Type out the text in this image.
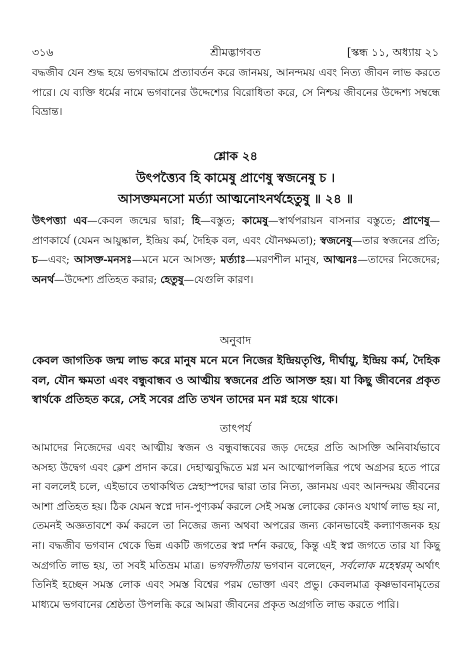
৩১৬	শ্রীমদ্ভাগবত	[স্কন্ধ ১১, অধ্যায় ২১
বদ্ধজীব যেন শুদ্ধ হয়ে ভগবদ্ধামে প্রত্যাবর্তন করে জানময়, আনন্দময় এবং নিত্য জীবন লাভ করতে পারে। যে ব্যক্তি ধর্মের নামে ভগবানের উদ্দেশ্যের বিরোধিতা করে, সে নিশ্চয় জীবনের উদ্দেশ্য সম্বন্ধে বিভ্রান্ত।
শ্লোক ২৪
উৎপত্ত্যৈব হি কামেষু প্রাণেষু স্বজনেষু চ ।
আসক্তমনসো মর্ত্যা আত্মনোঽনর্থহেতুষু ॥ ২৪ ॥
উৎপত্ত্যা এব—কেবল জন্মের দ্বারা; হি—বস্তুত; কামেষু—স্বার্থপরায়ন বাসনার বস্তুতে; প্রাণেষু—প্রাণকার্যে (যেমন আয়ুষ্কাল, ইন্দ্রিয় কর্ম, দৈহিক বল, এবং যৌনক্ষমতা); স্বজনেষু—তার স্বজনের প্রতি; চ—এবং; আসক্ত-মনসঃ—মনে মনে আসক্ত; মর্ত্যাঃ—মরণশীল মানুষ, আত্মনঃ—তাদের নিজেদের; অনর্থ—উদ্দেশ্য প্রতিহত করার; হেতুষু—যেগুলি কারণ।
অনুবাদ
কেবল জাগতিক জন্ম লাভ করে মানুষ মনে মনে নিজের ইন্দ্রিয়তৃপ্তি, দীর্ঘায়ু, ইন্দ্রিয় কর্ম, দৈহিক বল, যৌন ক্ষমতা এবং বন্ধুবান্ধব ও আত্মীয় স্বজনের প্রতি আসক্ত হয়। যা কিছু জীবনের প্রকৃত স্বার্থকে প্রতিহত করে, সেই সবের প্রতি তখন তাদের মন মগ্ন হয়ে থাকে।
তাৎপর্য
আমাদের নিজেদের এবং আত্মীয় স্বজন ও বন্ধুবান্ধবের জড় দেহের প্রতি আসক্তি অনিবার্যভাবে অসহ্য উদ্বেগ এবং ক্লেশ প্রদান করে। দেহাত্মবুদ্ধিতে মগ্ন মন আত্মোপলব্ধির পথে অগ্রসর হতে পারে না বললেই চলে, এইভাবে তথাকথিত স্নেহাস্পদের দ্বারা তার নিত্য, জ্ঞানময় এবং আনন্দময় জীবনের আশা প্রতিহত হয়। ঠিক যেমন স্বপ্নে দান-পুণ্যকর্ম করলে সেই সমস্ত লোকের কোনও যথার্থ লাভ হয় না, তেমনই অজ্ঞতাবশে কর্ম করলে তা নিজের জন্য অথবা অপরের জন্য কোনভাবেই কল্যাণজনক হয় না। বদ্ধজীব ভগবান থেকে ভিন্ন একটি জগতের স্বপ্ন দর্শন করছে, কিন্তু এই স্বপ্ন জগতে তার যা কিছু অগ্রগতি লাভ হয়, তা সবই মতিভ্রম মাত্র। ভগবদ্গীতায় ভগবান বলেছেন, সর্বলোক মহেশ্বরম্‌ অর্থাৎ তিনিই হচ্ছেন সমস্ত লোক এবং সমস্ত বিশ্বের পরম ভোক্তা এবং প্রভু। কেবলমাত্র কৃষ্ণভাবনামৃতের মাধ্যমে ভগবানের শ্রেষ্ঠতা উপলব্ধি করে আমরা জীবনের প্রকৃত অগ্রগতি লাভ করতে পারি।
